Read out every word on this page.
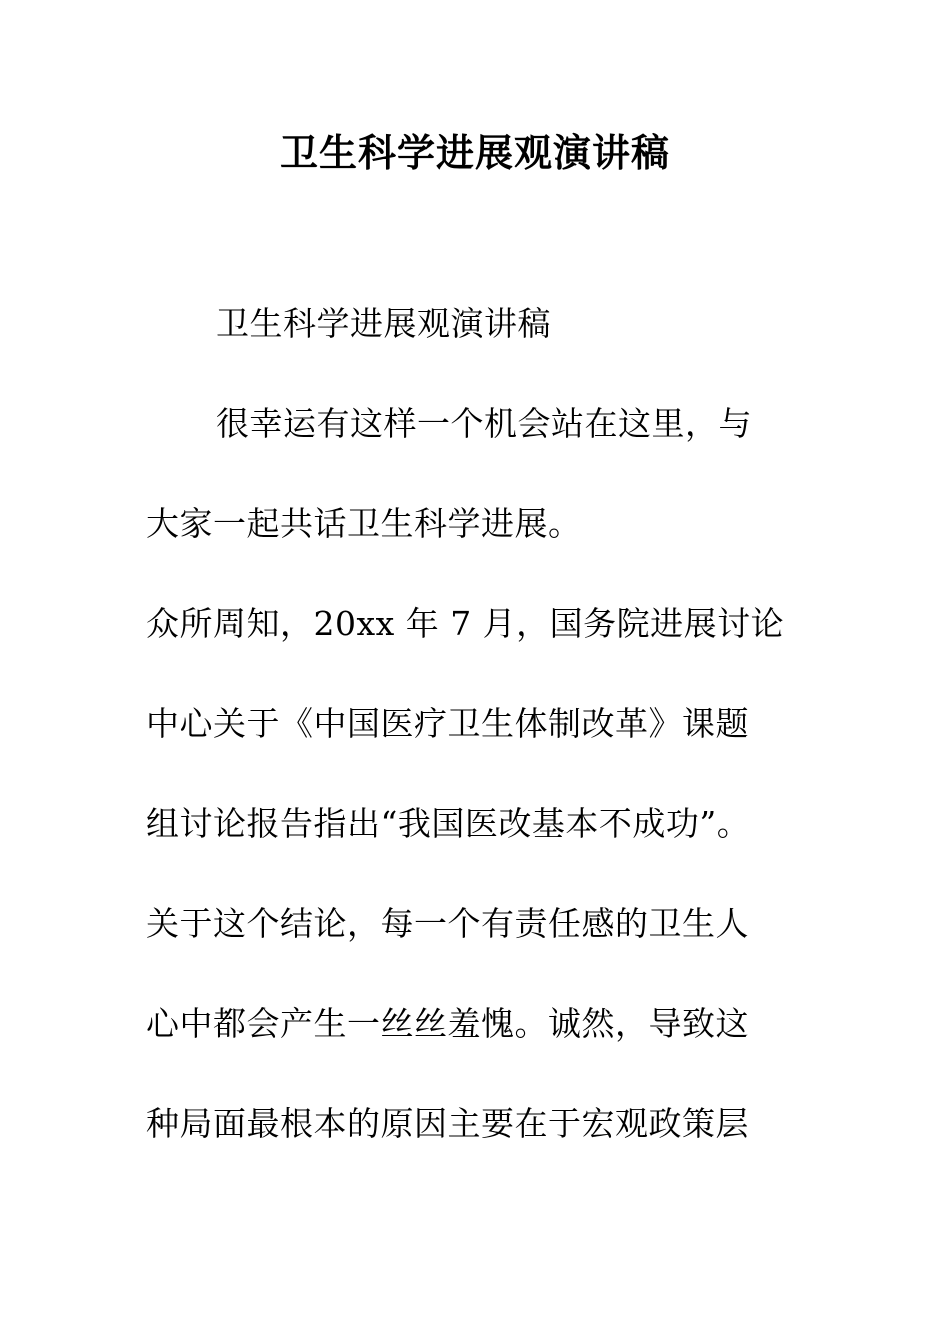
卫生科学进展观演讲稿
卫生科学进展观演讲稿
很幸运有这样一个机会站在这里，与
大家一起共话卫生科学进展。
众所周知，20xx 年 7 月，国务院进展讨论
中心关于《中国医疗卫生体制改革》课题
组讨论报告指出“我国医改基本不成功”。
关于这个结论，每一个有责任感的卫生人
心中都会产生一丝丝羞愧。诚然，导致这
种局面最根本的原因主要在于宏观政策层
